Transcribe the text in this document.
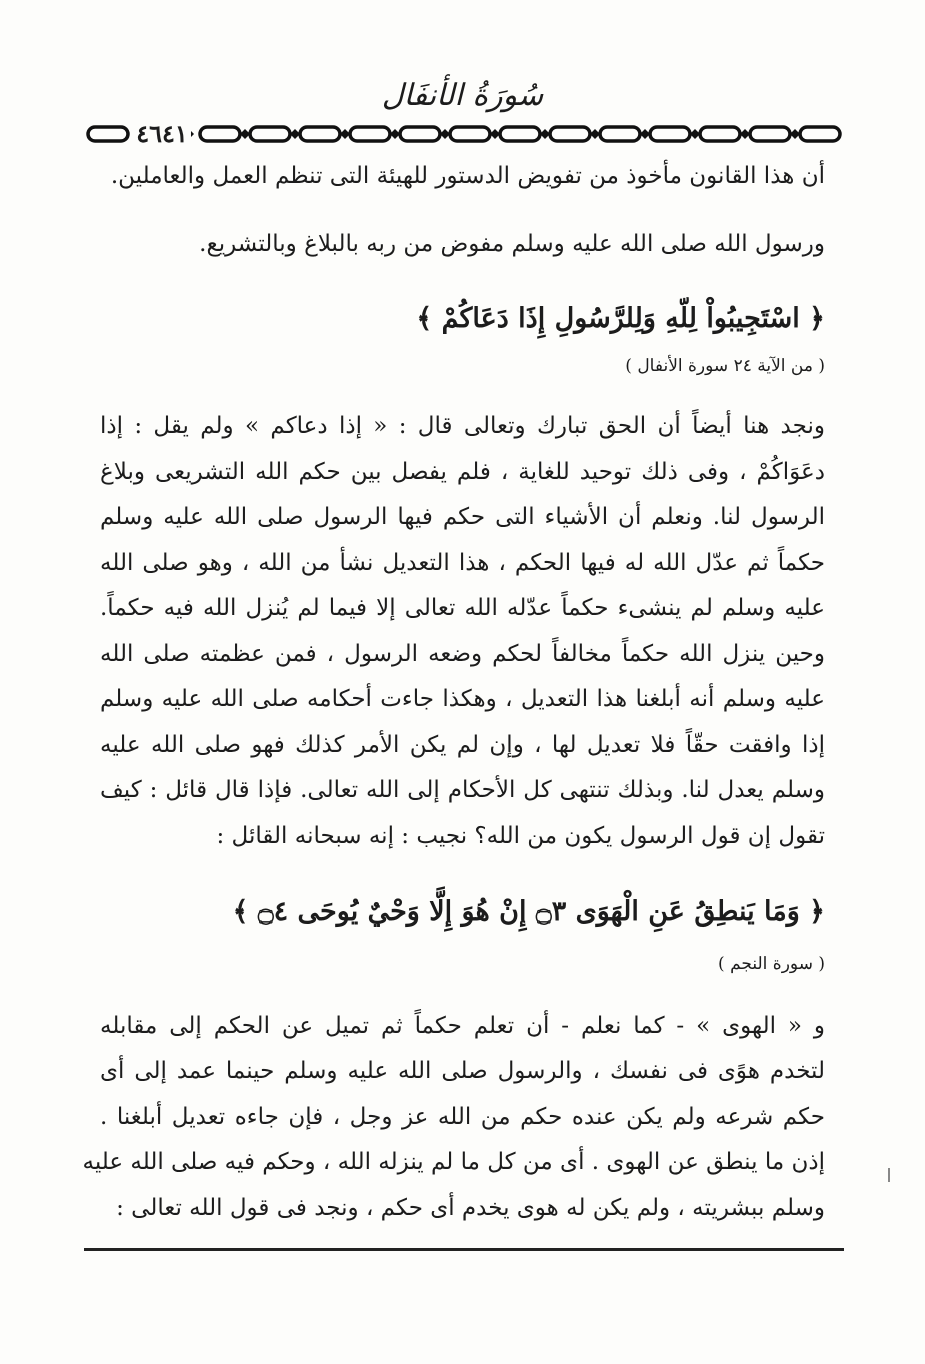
سُورَةُ الأنفَال
٤٦٤١
أن هذا القانون مأخوذ من تفويض الدستور للهيئة التى تنظم العمل والعاملين.
ورسول الله صلى الله عليه وسلم مفوض من ربه بالبلاغ وبالتشريع.
﴿ اسْتَجِيبُواْ لِلّهِ وَلِلرَّسُولِ إِذَا دَعَاكُمْ ﴾
( من الآية ٢٤ سورة الأنفال )
ونجد هنا أيضاً أن الحق تبارك وتعالى قال : « إذا دعاكم » ولم يقل : إذا
دعَوَاكُمْ ، وفى ذلك توحيد للغاية ، فلم يفصل بين حكم الله التشريعى وبلاغ
الرسول لنا. ونعلم أن الأشياء التى حكم فيها الرسول صلى الله عليه وسلم
حكماً ثم عدّل الله له فيها الحكم ، هذا التعديل نشأ من الله ، وهو صلى الله
عليه وسلم لم ينشىء حكماً عدّله الله تعالى إلا فيما لم يُنزل الله فيه حكماً.
وحين ينزل الله حكماً مخالفاً لحكم وضعه الرسول ، فمن عظمته صلى الله
عليه وسلم أنه أبلغنا هذا التعديل ، وهكذا جاءت أحكامه صلى الله عليه وسلم
إذا وافقت حقّاً فلا تعديل لها ، وإن لم يكن الأمر كذلك فهو صلى الله عليه
وسلم يعدل لنا. وبذلك تنتهى كل الأحكام إلى الله تعالى. فإذا قال قائل : كيف
تقول إن قول الرسول يكون من الله؟ نجيب : إنه سبحانه القائل :
﴿ وَمَا يَنطِقُ عَنِ الْهَوَى ۝٣ إِنْ هُوَ إِلَّا وَحْيٌ يُوحَى ۝٤ ﴾
( سورة النجم )
و « الهوى » - كما نعلم - أن تعلم حكماً ثم تميل عن الحكم إلى مقابله
لتخدم هوًى فى نفسك ، والرسول صلى الله عليه وسلم حينما عمد إلى أى
حكم شرعه ولم يكن عنده حكم من الله عز وجل ، فإن جاءه تعديل أبلغنا .
إذن ما ينطق عن الهوى . أى من كل ما لم ينزله الله ، وحكم فيه صلى الله عليه
وسلم ببشريته ، ولم يكن له هوى يخدم أى حكم ، ونجد فى قول الله تعالى :
